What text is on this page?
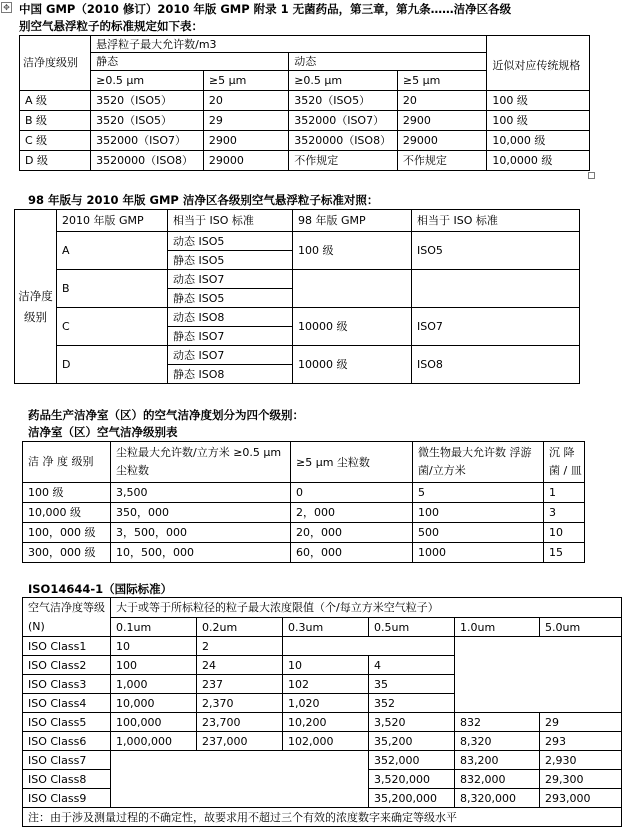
✥ 中国 GMP（2010 修订）2010 年版 GMP 附录 1 无菌药品，第三章，第九条……洁净区各级
别空气悬浮粒子的标准规定如下表：
洁净度级别	悬浮粒子最大允许数/m3				近似对应传统规格
	静态		动态		
	≥0.5 μm	≥5 μm	≥0.5 μm	≥5 μm	
A 级	3520（ISO5）	20	3520（ISO5）	20	100 级
B 级	3520（ISO5）	29	352000（ISO7）	2900	100 级
C 级	352000（ISO7）	2900	3520000（ISO8）	29000	10,000 级
D 级	3520000（ISO8）	29000	不作规定	不作规定	10,0000 级
98 年版与 2010 年版 GMP 洁净区各级别空气悬浮粒子标准对照：
	2010 年版 GMP	相当于 ISO 标准	98 年版 GMP	相当于 ISO 标准
洁净度级别	A	动态 ISO5	100 级	ISO5
		静态 ISO5		
	B	动态 ISO7		
		静态 ISO5		
	C	动态 ISO8	10000 级	ISO7
		静态 ISO7		
	D	动态 ISO7	10000 级	ISO8
		静态 ISO8		
药品生产洁净室（区）的空气洁净度划分为四个级别：
洁净室（区）空气洁净级别表
洁 净 度 级别	尘粒最大允许数/立方米 ≥0.5 μm 尘粒数	≥5 μm 尘粒数	微生物最大允许数 浮游菌/立方米	沉 降 菌 / 皿
100 级	3,500	0	5	1
10,000 级	350，000	2，000	100	3
100，000 级	3，500，000	20，000	500	10
300，000 级	10，500，000	60，000	1000	15
ISO14644-1（国际标准）
空气洁净度等级(N)	大于或等于所标粒径的粒子最大浓度限值（个/每立方米空气粒子）					
	0.1um	0.2um	0.3um	0.5um	1.0um	5.0um
ISO Class1	10	2				
ISO Class2	100	24	10	4		
ISO Class3	1,000	237	102	35		
ISO Class4	10,000	2,370	1,020	352		
ISO Class5	100,000	23,700	10,200	3,520	832	29
ISO Class6	1,000,000	237,000	102,000	35,200	8,320	293
ISO Class7				352,000	83,200	2,930
ISO Class8				3,520,000	832,000	29,300
ISO Class9				35,200,000	8,320,000	293,000
注：由于涉及测量过程的不确定性，故要求用不超过三个有效的浓度数字来确定等级水平						
